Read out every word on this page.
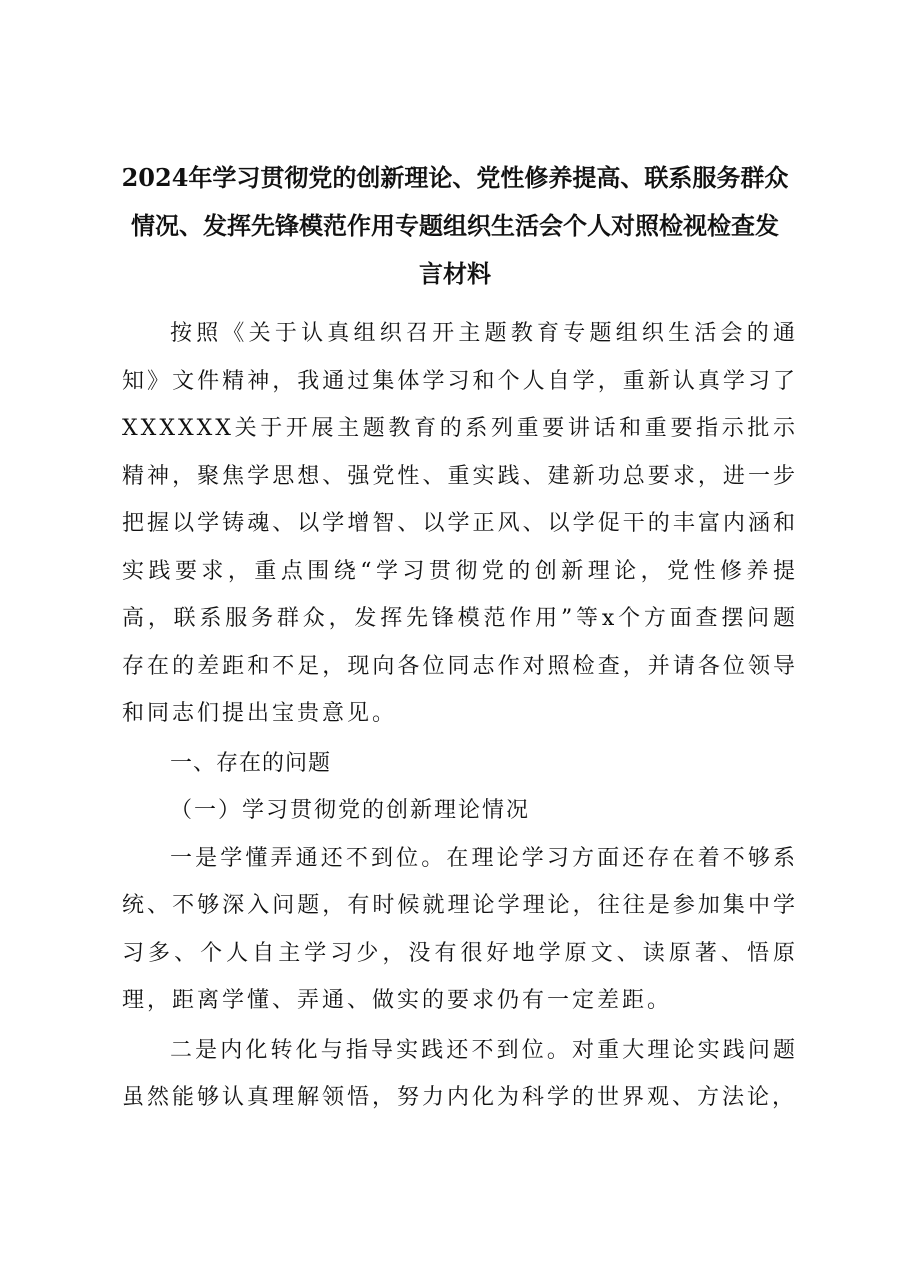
2024年学习贯彻党的创新理论、党性修养提高、联系服务群众
情况、发挥先锋模范作用专题组织生活会个人对照检视检查发
言材料

按照《关于认真组织召开主题教育专题组织生活会的通知》文件精神，我通过集体学习和个人自学，重新认真学习了XXXXXX关于开展主题教育的系列重要讲话和重要指示批示精神，聚焦学思想、强党性、重实践、建新功总要求，进一步把握以学铸魂、以学增智、以学正风、以学促干的丰富内涵和实践要求，重点围绕“学习贯彻党的创新理论，党性修养提高，联系服务群众，发挥先锋模范作用”等x个方面查摆问题存在的差距和不足，现向各位同志作对照检查，并请各位领导和同志们提出宝贵意见。

一、存在的问题

（一）学习贯彻党的创新理论情况

一是学懂弄通还不到位。在理论学习方面还存在着不够系统、不够深入问题，有时候就理论学理论，往往是参加集中学习多、个人自主学习少，没有很好地学原文、读原著、悟原理，距离学懂、弄通、做实的要求仍有一定差距。

二是内化转化与指导实践还不到位。对重大理论实践问题虽然能够认真理解领悟，努力内化为科学的世界观、方法论，
